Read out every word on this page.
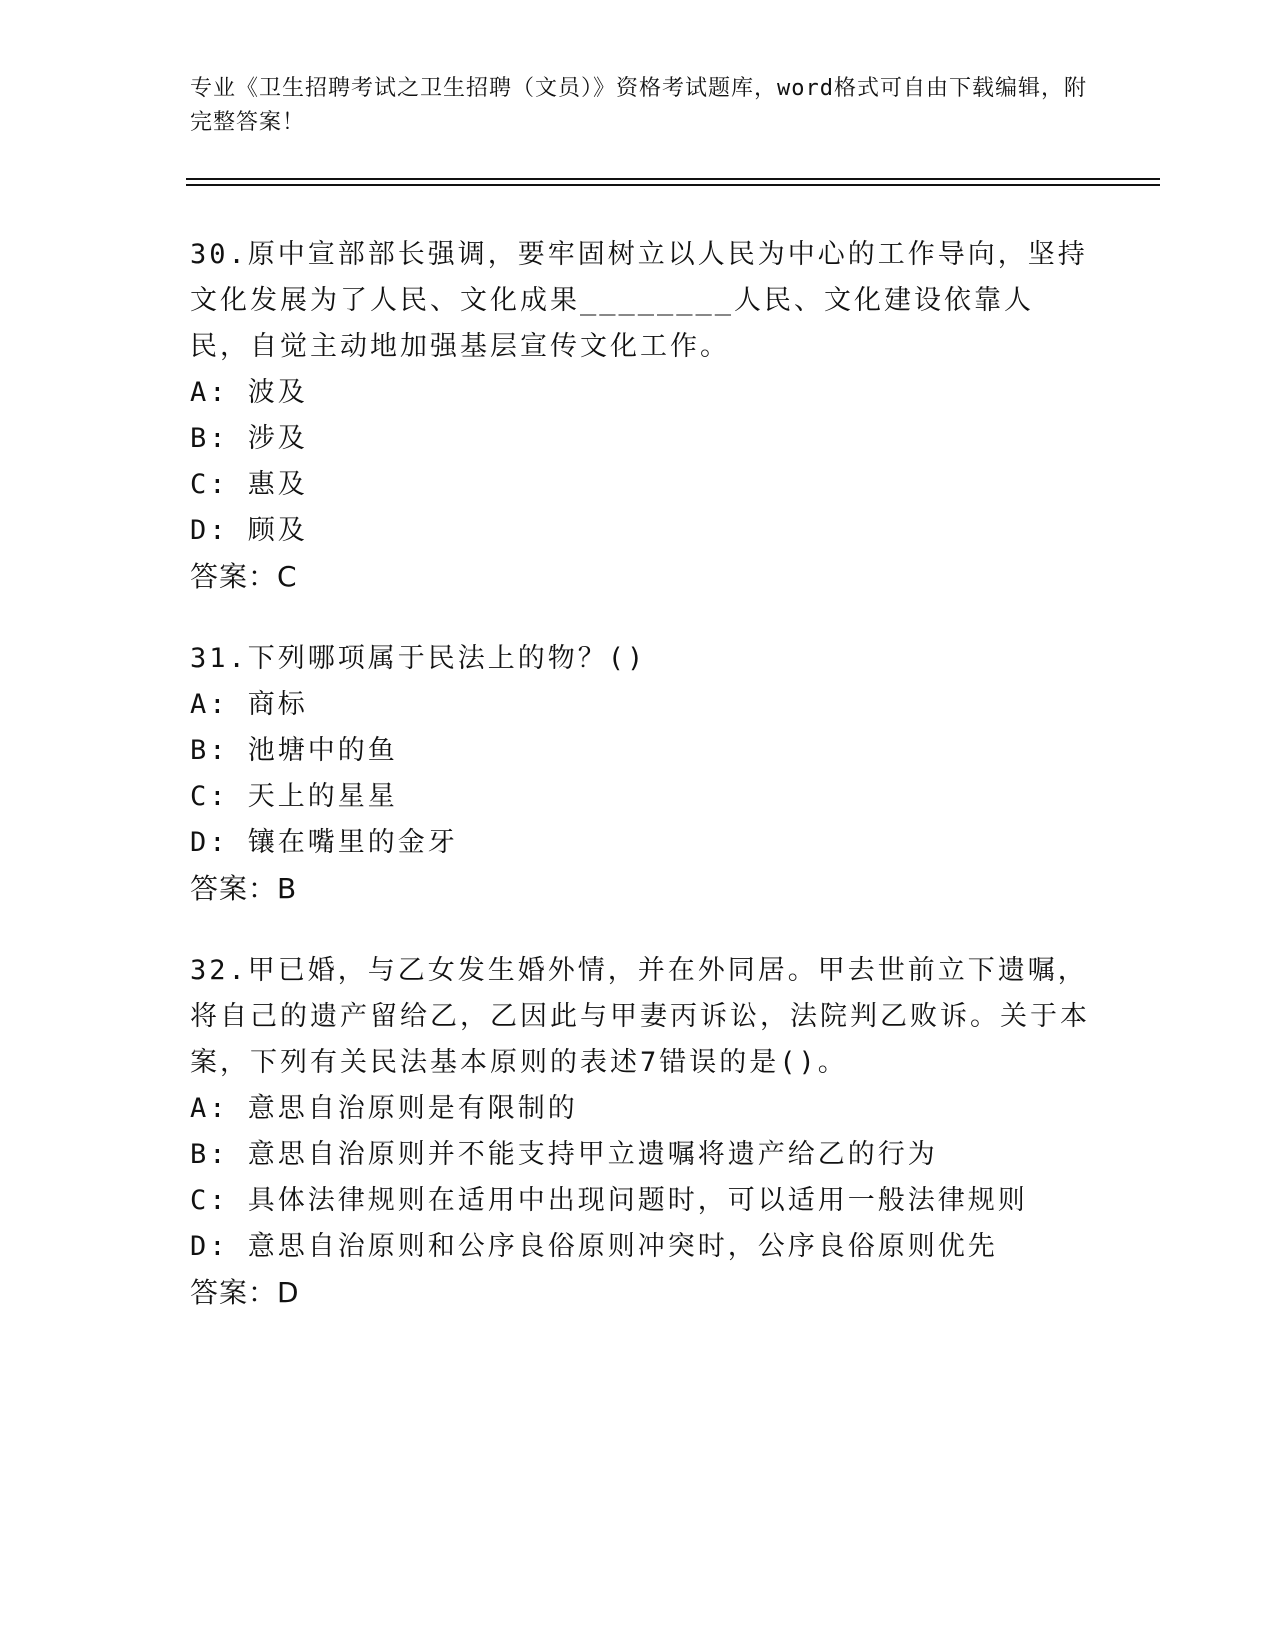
专业《卫生招聘考试之卫生招聘（文员）》资格考试题库，word格式可自由下载编辑，附完整答案！

30.原中宣部部长强调，要牢固树立以人民为中心的工作导向，坚持文化发展为了人民、文化成果________人民、文化建设依靠人民，自觉主动地加强基层宣传文化工作。

A: 波及

B: 涉及

C: 惠及

D: 顾及

答案：C

31.下列哪项属于民法上的物？()

A: 商标

B: 池塘中的鱼

C: 天上的星星

D: 镶在嘴里的金牙

答案：B

32.甲已婚，与乙女发生婚外情，并在外同居。甲去世前立下遗嘱，将自己的遗产留给乙，乙因此与甲妻丙诉讼，法院判乙败诉。关于本案，下列有关民法基本原则的表述7错误的是()。

A: 意思自治原则是有限制的

B: 意思自治原则并不能支持甲立遗嘱将遗产给乙的行为

C: 具体法律规则在适用中出现问题时，可以适用一般法律规则

D: 意思自治原则和公序良俗原则冲突时，公序良俗原则优先

答案：D
